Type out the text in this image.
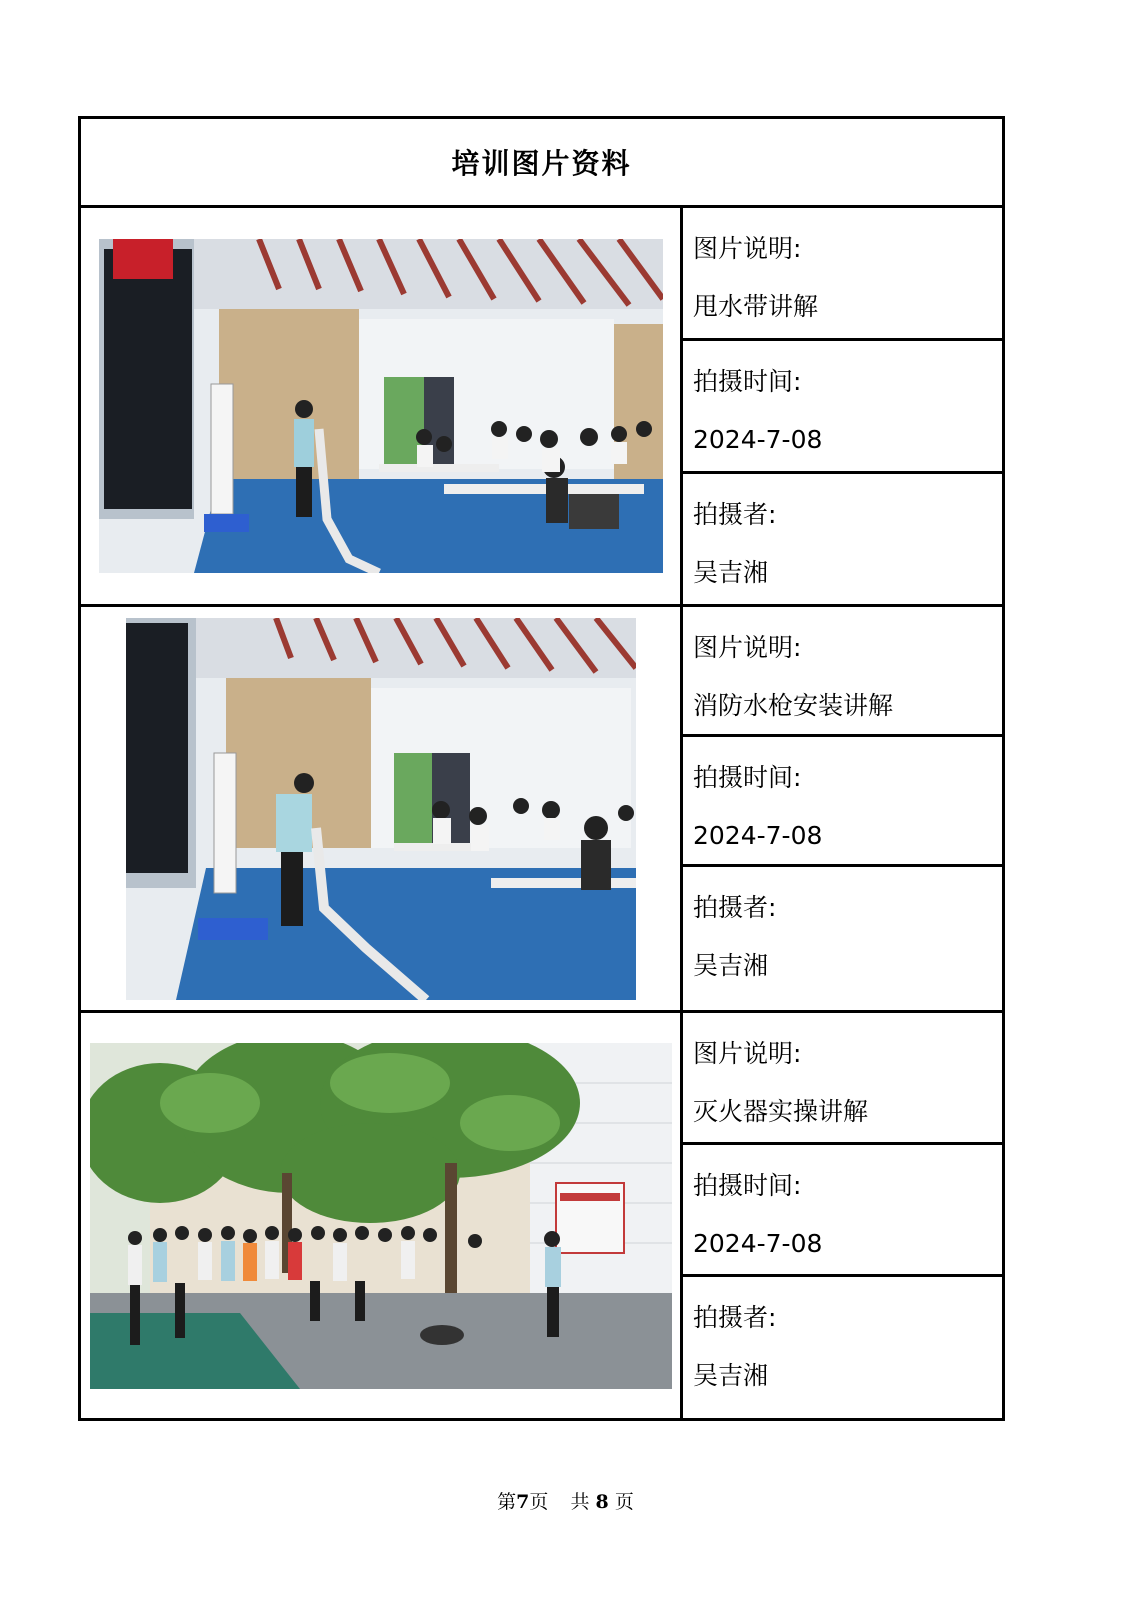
培训图片资料	

图片说明:
甩水带讲解

	拍摄时间:
2024-7-08

	拍摄者:
吴吉湘

图片说明:
消防水枪安装讲解

	拍摄时间:
2024-7-08

	拍摄者:
吴吉湘

图片说明:
灭火器实操讲解

	拍摄时间:
2024-7-08

	拍摄者:
吴吉湘
第7页 共 8 页
